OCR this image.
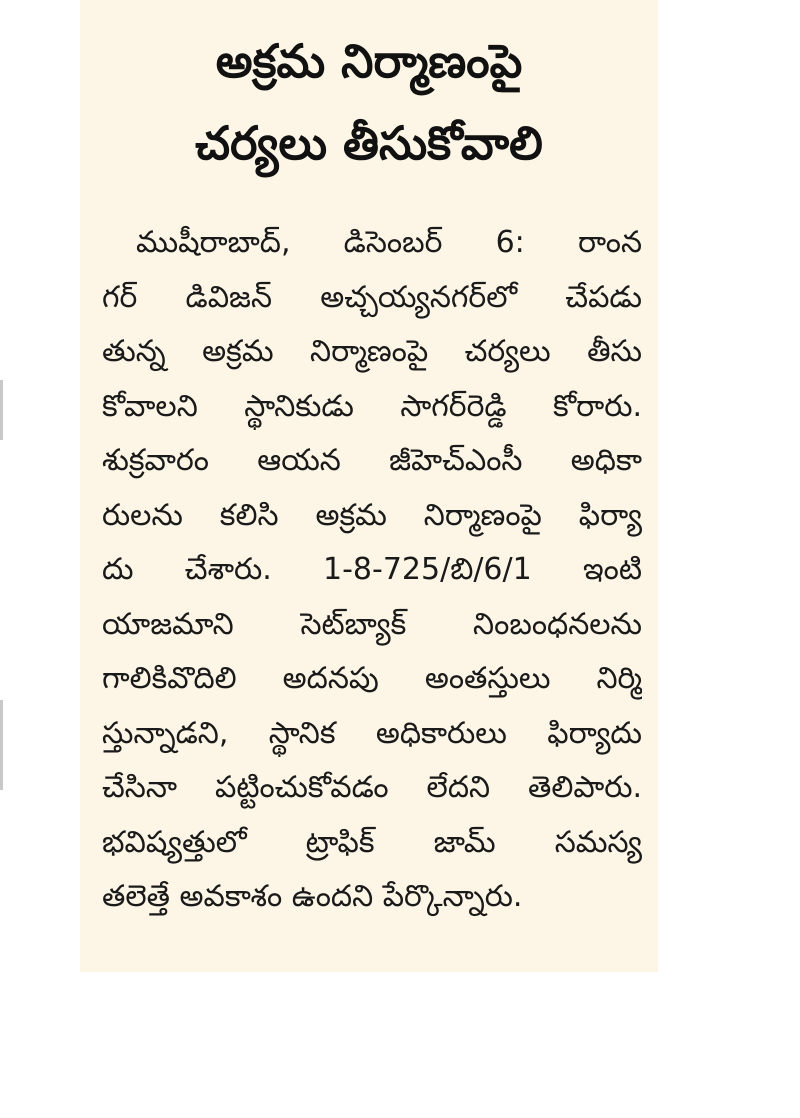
అక్రమ నిర్మాణంపై
చర్యలు తీసుకోవాలి
ముషీరాబాద్, డిసెంబర్ 6: రాంన
గర్ డివిజన్ అచ్చయ్యనగర్‌లో చేపడు
తున్న అక్రమ నిర్మాణంపై చర్యలు తీసు
కోవాలని స్థానికుడు సాగర్‌రెడ్డి కోరారు.
శుక్రవారం ఆయన జీహెచ్‌ఎంసీ అధికా
రులను కలిసి అక్రమ నిర్మాణంపై ఫిర్యా
దు చేశారు. 1-8-725/బి/6/1 ఇంటి
యాజమాని సెట్‌బ్యాక్ నింబంధనలను
గాలికివొదిలి అదనపు అంతస్తులు నిర్మి
స్తున్నాడని, స్థానిక అధికారులు ఫిర్యాదు
చేసినా పట్టించుకోవడం లేదని తెలిపారు.
భవిష్యత్తులో ట్రాఫిక్ జామ్ సమస్య
తలెత్తే అవకాశం ఉందని పేర్కొన్నారు.
